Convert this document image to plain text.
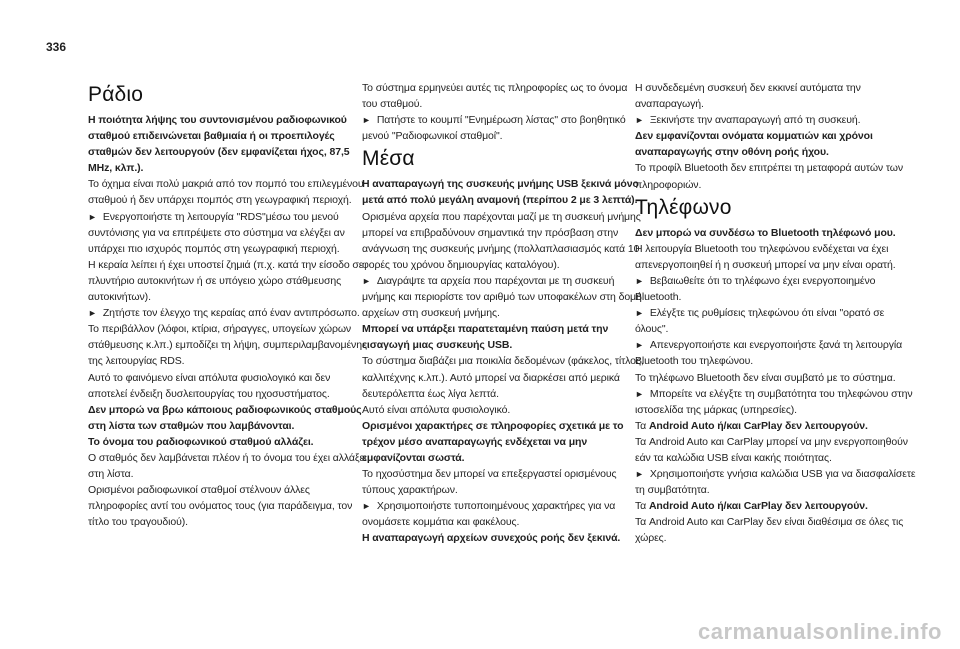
336
Ράδιο

Η ποιότητα λήψης του συντονισμένου ραδιοφωνικού σταθμού επιδεινώνεται βαθμιαία ή οι προεπιλογές σταθμών δεν λειτουργούν (δεν εμφανίζεται ήχος, 87,5 MHz, κλπ.).

Το όχημα είναι πολύ μακριά από τον πομπό του επιλεγμένου σταθμού ή δεν υπάρχει πομπός στη γεωγραφική περιοχή.

► Ενεργοποιήστε τη λειτουργία "RDS"μέσω του μενού συντόνισης για να επιτρέψετε στο σύστημα να ελέγξει αν υπάρχει πιο ισχυρός πομπός στη γεωγραφική περιοχή.

Η κεραία λείπει ή έχει υποστεί ζημιά (π.χ. κατά την είσοδο σε πλυντήριο αυτοκινήτων ή σε υπόγειο χώρο στάθμευσης αυτοκινήτων).

► Ζητήστε τον έλεγχο της κεραίας από έναν αντιπρόσωπο.

Το περιβάλλον (λόφοι, κτίρια, σήραγγες, υπογείων χώρων στάθμευσης κ.λπ.) εμποδίζει τη λήψη, συμπεριλαμβανομένης της λειτουργίας RDS.

Αυτό το φαινόμενο είναι απόλυτα φυσιολογικό και δεν αποτελεί ένδειξη δυσλειτουργίας του ηχοσυστήματος.

Δεν μπορώ να βρω κάποιους ραδιοφωνικούς σταθμούς στη λίστα των σταθμών που λαμβάνονται.

Το όνομα του ραδιοφωνικού σταθμού αλλάζει.

Ο σταθμός δεν λαμβάνεται πλέον ή το όνομα του έχει αλλάξει στη λίστα.

Ορισμένοι ραδιοφωνικοί σταθμοί στέλνουν άλλες πληροφορίες αντί του ονόματος τους (για παράδειγμα, τον τίτλο του τραγουδιού).

Το σύστημα ερμηνεύει αυτές τις πληροφορίες ως το όνομα του σταθμού.

► Πατήστε το κουμπί "Ενημέρωση λίστας" στο βοηθητικό μενού "Ραδιοφωνικοί σταθμοί".

Μέσα

Η αναπαραγωγή της συσκευής μνήμης USB ξεκινά μόνο μετά από πολύ μεγάλη αναμονή (περίπου 2 με 3 λεπτά).

Ορισμένα αρχεία που παρέχονται μαζί με τη συσκευή μνήμης μπορεί να επιβραδύνουν σημαντικά την πρόσβαση στην ανάγνωση της συσκευής μνήμης (πολλαπλασιασμός κατά 10 φορές του χρόνου δημιουργίας καταλόγου).

► Διαγράψτε τα αρχεία που παρέχονται με τη συσκευή μνήμης και περιορίστε τον αριθμό των υποφακέλων στη δομή αρχείων στη συσκευή μνήμης.

Μπορεί να υπάρξει παρατεταμένη παύση μετά την εισαγωγή μιας συσκευής USB.

Το σύστημα διαβάζει μια ποικιλία δεδομένων (φάκελος, τίτλος, καλλιτέχνης κ.λπ.). Αυτό μπορεί να διαρκέσει από μερικά δευτερόλεπτα έως λίγα λεπτά.

Αυτό είναι απόλυτα φυσιολογικό.

Ορισμένοι χαρακτήρες σε πληροφορίες σχετικά με το τρέχον μέσο αναπαραγωγής ενδέχεται να μην εμφανίζονται σωστά.

Το ηχοσύστημα δεν μπορεί να επεξεργαστεί ορισμένους τύπους χαρακτήρων.

► Χρησιμοποιήστε τυποποιημένους χαρακτήρες για να ονομάσετε κομμάτια και φακέλους.

Η αναπαραγωγή αρχείων συνεχούς ροής δεν ξεκινά.

Η συνδεδεμένη συσκευή δεν εκκινεί αυτόματα την αναπαραγωγή.

► Ξεκινήστε την αναπαραγωγή από τη συσκευή.

Δεν εμφανίζονται ονόματα κομματιών και χρόνοι αναπαραγωγής στην οθόνη ροής ήχου.

Το προφίλ Bluetooth δεν επιτρέπει τη μεταφορά αυτών των πληροφοριών.

Τηλέφωνο

Δεν μπορώ να συνδέσω το Bluetooth τηλέφωνό μου.

Η λειτουργία Bluetooth του τηλεφώνου ενδέχεται να έχει απενεργοποιηθεί ή η συσκευή μπορεί να μην είναι ορατή.

► Βεβαιωθείτε ότι το τηλέφωνο έχει ενεργοποιημένο Bluetooth.

► Ελέγξτε τις ρυθμίσεις τηλεφώνου ότι είναι "ορατό σε όλους".

► Απενεργοποιήστε και ενεργοποιήστε ξανά τη λειτουργία Bluetooth του τηλεφώνου.

Το τηλέφωνο Bluetooth δεν είναι συμβατό με το σύστημα.

► Μπορείτε να ελέγξτε τη συμβατότητα του τηλεφώνου στην ιστοσελίδα της μάρκας (υπηρεσίες).

Τα Android Auto ή/και CarPlay δεν λειτουργούν.

Τα Android Auto και CarPlay μπορεί να μην ενεργοποιηθούν εάν τα καλώδια USB είναι κακής ποιότητας.

► Χρησιμοποιήστε γνήσια καλώδια USB για να διασφαλίσετε τη συμβατότητα.

Τα Android Auto ή/και CarPlay δεν λειτουργούν.

Τα Android Auto και CarPlay δεν είναι διαθέσιμα σε όλες τις χώρες.

carmanualsonline.info
